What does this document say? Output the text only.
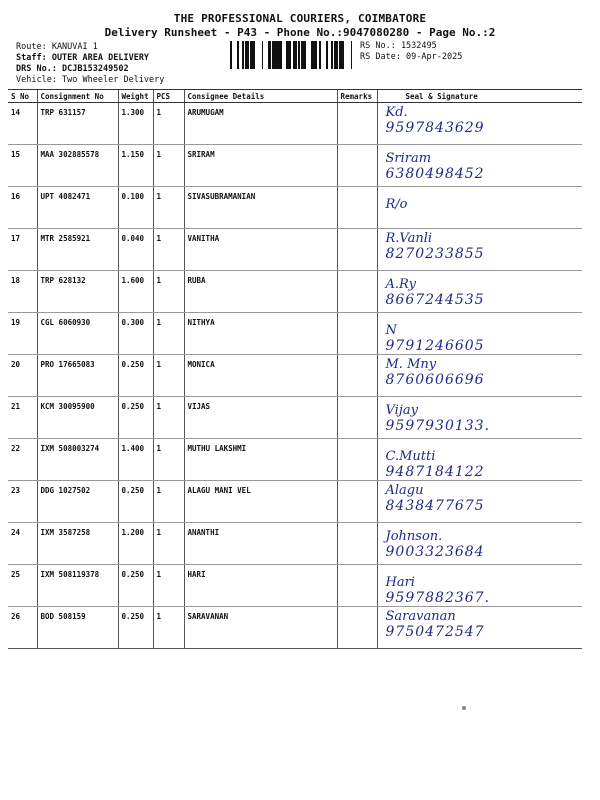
THE PROFESSIONAL COURIERS, COIMBATORE
Delivery Runsheet - P43 - Phone No.:9047080280 - Page No.:2
Route: KANUVAI 1
Staff: OUTER AREA DELIVERY
DRS No.: DCJB153249502
Vehicle: Two Wheeler Delivery
RS No.: 1532495
RS Date: 09-Apr-2025
S No	Consignment No	Weight	PCS	Consignee Details	Remarks	Seal & Signature
14	TRP 631157	1.300	1	ARUMUGAM		Kd.
9597843629

15	MAA 302885578	1.150	1	SRIRAM		Sriram
6380498452

16	UPT 4082471	0.100	1	SIVASUBRAMANIAN		R/o

17	MTR 2585921	0.040	1	VANITHA		R.Vanli
8270233855

18	TRP 628132	1.600	1	RUBA		A.Ry
8667244535

19	CGL 6060930	0.300	1	NITHYA		N
9791246605

20	PRO 17665083	0.250	1	MONICA		M. Mny
8760606696

21	KCM 30095900	0.250	1	VIJAS		Vijay
9597930133.

22	IXM 508003274	1.400	1	MUTHU LAKSHMI		C.Mutti
9487184122

23	DDG 1027502	0.250	1	ALAGU MANI VEL		Alagu
8438477675

24	IXM 3587258	1.200	1	ANANTHI		Johnson.
9003323684

25	IXM 508119378	0.250	1	HARI		Hari
9597882367.

26	BOD 508159	0.250	1	SARAVANAN		Saravanan
9750472547
